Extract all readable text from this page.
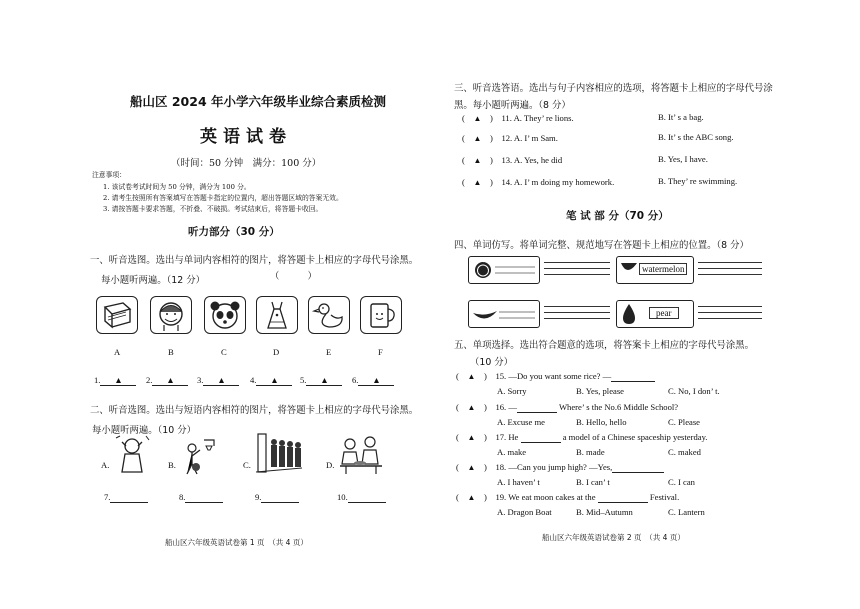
船山区 2024 年小学六年级毕业综合素质检测
英语试卷
（时间：50 分钟　满分：100 分）
注意事项：
1. 该试卷考试时间为 50 分钟，满分为 100 分。
2. 请考生按照所有答案填写在答题卡指定的位置内，超出答题区域的答案无效。
3. 请按答题卡要求答题，不折叠、不破损。考试结束后，将答题卡收回。
听力部分（30 分）
一、听音选图。选出与单词内容相符的图片，将答题卡上相应的字母代号涂黑。
每小题听两遍。（12 分）	（　　　）
A	B	C	D	E	F
1. ▲	2. ▲	3. ▲	4. ▲	5. ▲	6. ▲
二、听音选图。选出与短语内容相符的图片，将答题卡上相应的字母代号涂黑。
每小题听两遍。（10 分）
A.	B.	C.	D.
7.	8.	9.	10.
船山区六年级英语试卷第 1 页　（共 4 页）
三、听音选答语。选出与句子内容相应的选项，将答题卡上相应的字母代号涂
黑。每小题听两遍。（8 分）
(　▲　)　11. A. They’ re lions.	B. It’ s a bag.
(　▲　)　12. A. I’ m Sam.	B. It’ s the ABC song.
(　▲　)　13. A. Yes, he did	B. Yes, I have.
(　▲　)　14. A. I’ m doing my homework.	B. They’ re swimming.
笔 试 部 分（70 分）
四、单词仿写。将单词完整、规范地写在答题卡上相应的位置。（8 分）
watermelon
pear
五、单项选择。选出符合题意的选项，将答案卡上相应的字母代号涂黑。
（10 分）
(　▲　)　15. —Do you want some rice? —
A. Sorry	B. Yes, please	C. No, I don’ t.
(　▲　)　16. —	Where’ s the No.6 Middle School?
A. Excuse me	B. Hello, hello	C. Please
(　▲　)　17. He	a model of a Chinese spaceship yesterday.
A. make	B. made	C. maked
(　▲　)　18. —Can you jump high? —Yes,
A. I haven’ t	B. I can’ t	C. I can
(　▲　)　19. We eat moon cakes at the	Festival.
A. Dragon Boat	B. Mid–Autumn	C. Lantern
船山区六年级英语试卷第 2 页　（共 4 页）
